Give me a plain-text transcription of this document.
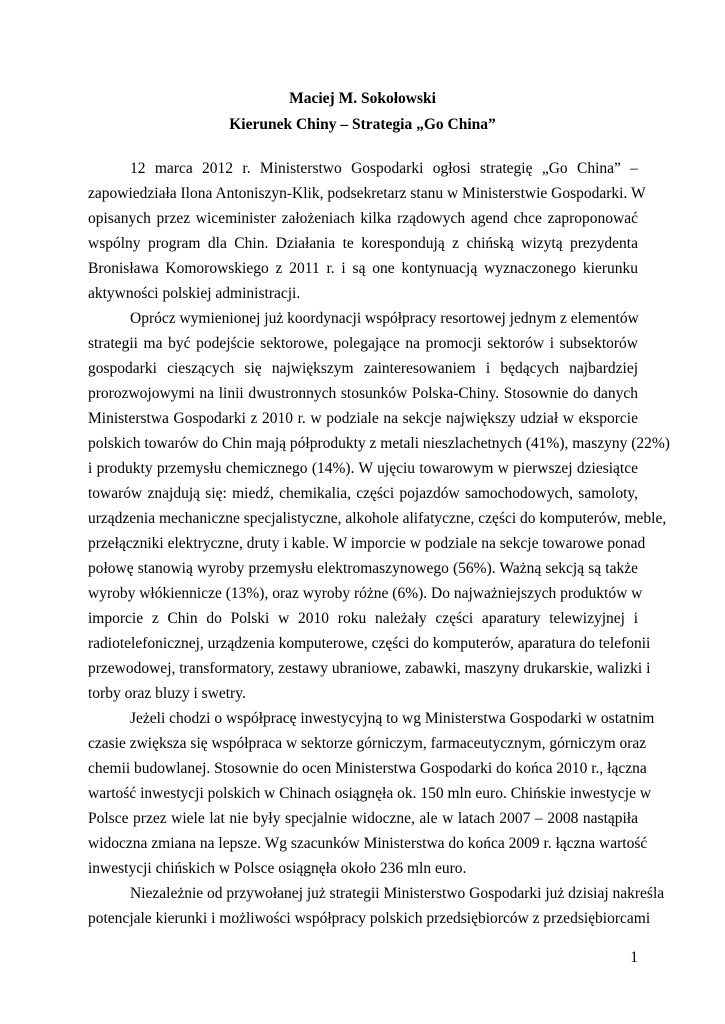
Maciej M. Sokołowski
Kierunek Chiny – Strategia „Go China”
12 marca 2012 r. Ministerstwo Gospodarki ogłosi strategię „Go China” –
zapowiedziała Ilona Antoniszyn-Klik, podsekretarz stanu w Ministerstwie Gospodarki. W
opisanych przez wiceminister założeniach kilka rządowych agend chce zaproponować
wspólny program dla Chin. Działania te korespondują z chińską wizytą prezydenta
Bronisława Komorowskiego z 2011 r. i są one kontynuacją wyznaczonego kierunku
aktywności polskiej administracji.
Oprócz wymienionej już koordynacji współpracy resortowej jednym z elementów
strategii ma być podejście sektorowe, polegające na promocji sektorów i subsektorów
gospodarki cieszących się największym zainteresowaniem i będących najbardziej
prorozwojowymi na linii dwustronnych stosunków Polska-Chiny. Stosownie do danych
Ministerstwa Gospodarki z 2010 r. w podziale na sekcje największy udział w eksporcie
polskich towarów do Chin mają półprodukty z metali nieszlachetnych (41%), maszyny (22%)
i produkty przemysłu chemicznego (14%). W ujęciu towarowym w pierwszej dziesiątce
towarów znajdują się: miedź, chemikalia, części pojazdów samochodowych, samoloty,
urządzenia mechaniczne specjalistyczne, alkohole alifatyczne, części do komputerów, meble,
przełączniki elektryczne, druty i kable. W imporcie w podziale na sekcje towarowe ponad
połowę stanowią wyroby przemysłu elektromaszynowego (56%). Ważną sekcją są także
wyroby włókiennicze (13%), oraz wyroby różne (6%). Do najważniejszych produktów w
imporcie z Chin do Polski w 2010 roku należały części aparatury telewizyjnej i
radiotelefonicznej, urządzenia komputerowe, części do komputerów, aparatura do telefonii
przewodowej, transformatory, zestawy ubraniowe, zabawki, maszyny drukarskie, walizki i
torby oraz bluzy i swetry.
Jeżeli chodzi o współpracę inwestycyjną to wg Ministerstwa Gospodarki w ostatnim
czasie zwiększa się współpraca w sektorze górniczym, farmaceutycznym, górniczym oraz
chemii budowlanej. Stosownie do ocen Ministerstwa Gospodarki do końca 2010 r., łączna
wartość inwestycji polskich w Chinach osiągnęła ok. 150 mln euro. Chińskie inwestycje w
Polsce przez wiele lat nie były specjalnie widoczne, ale w latach 2007 – 2008 nastąpiła
widoczna zmiana na lepsze. Wg szacunków Ministerstwa do końca 2009 r. łączna wartość
inwestycji chińskich w Polsce osiągnęła około 236 mln euro.
Niezależnie od przywołanej już strategii Ministerstwo Gospodarki już dzisiaj nakreśla
potencjale kierunki i możliwości współpracy polskich przedsiębiorców z przedsiębiorcami
1
